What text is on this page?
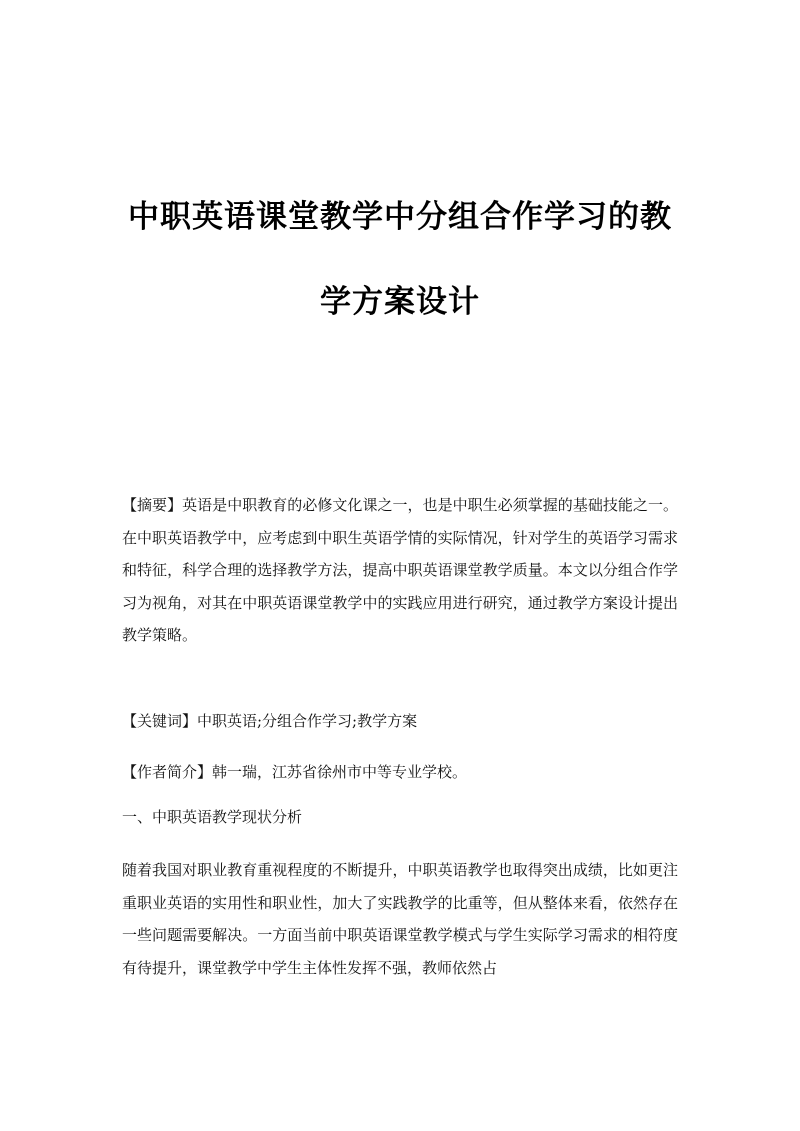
中职英语课堂教学中分组合作学习的教
学方案设计

【摘要】英语是中职教育的必修文化课之一，也是中职生必须掌握的基础技能之一。在中职英语教学中，应考虑到中职生英语学情的实际情况，针对学生的英语学习需求和特征，科学合理的选择教学方法，提高中职英语课堂教学质量。本文以分组合作学习为视角，对其在中职英语课堂教学中的实践应用进行研究，通过教学方案设计提出教学策略。

【关键词】中职英语;分组合作学习;教学方案

【作者简介】韩一瑞，江苏省徐州市中等专业学校。

一、中职英语教学现状分析

随着我国对职业教育重视程度的不断提升，中职英语教学也取得突出成绩，比如更注重职业英语的实用性和职业性，加大了实践教学的比重等，但从整体来看，依然存在一些问题需要解决。一方面当前中职英语课堂教学模式与学生实际学习需求的相符度有待提升，课堂教学中学生主体性发挥不强，教师依然占
